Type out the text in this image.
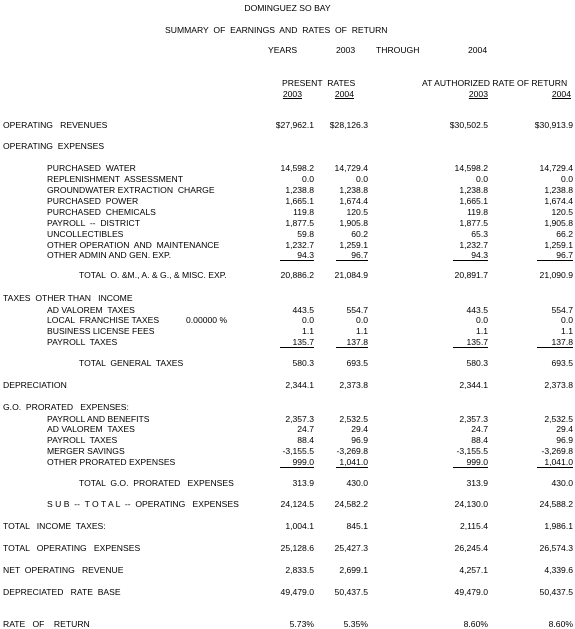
DOMINGUEZ SO BAY
SUMMARY  OF  EARNINGS  AND  RATES  OF  RETURN
YEARS	2003 THROUGH	2004
PRESENT  RATES
2003	2004
AT AUTHORIZED RATE OF RETURN
2003	2004
OPERATING   REVENUES	$27,962.1	$28,126.3	$30,502.5	$30,913.9
OPERATING  EXPENSES
PURCHASED  WATER	14,598.2	14,729.4	14,598.2	14,729.4
REPLENISHMENT  ASSESSMENT	0.0	0.0	0.0	0.0
GROUNDWATER EXTRACTION  CHARGE	1,238.8	1,238.8	1,238.8	1,238.8
PURCHASED  POWER	1,665.1	1,674.4	1,665.1	1,674.4
PURCHASED  CHEMICALS	119.8	120.5	119.8	120.5
PAYROLL  --  DISTRICT	1,877.5	1,905.8	1,877.5	1,905.8
UNCOLLECTIBLES	59.8	60.2	65.3	66.2
OTHER OPERATION  AND  MAINTENANCE	1,232.7	1,259.1	1,232.7	1,259.1
OTHER ADMIN AND GEN. EXP.	94.3	96.7	94.3	96.7
TOTAL  O. &M., A. & G., & MISC. EXP.	20,886.2	21,084.9	20,891.7	21,090.9
TAXES  OTHER THAN   INCOME
AD VALOREM  TAXES	443.5	554.7	443.5	554.7
LOCAL  FRANCHISE TAXES	0.00000 %	0.0	0.0	0.0	0.0
BUSINESS LICENSE FEES	1.1	1.1	1.1	1.1
PAYROLL  TAXES	135.7	137.8	135.7	137.8
TOTAL  GENERAL  TAXES	580.3	693.5	580.3	693.5
DEPRECIATION	2,344.1	2,373.8	2,344.1	2,373.8
G.O.  PRORATED   EXPENSES:
PAYROLL AND BENEFITS	2,357.3	2,532.5	2,357.3	2,532.5
AD VALOREM  TAXES	24.7	29.4	24.7	29.4
PAYROLL  TAXES	88.4	96.9	88.4	96.9
MERGER SAVINGS	-3,155.5	-3,269.8	-3,155.5	-3,269.8
OTHER PRORATED EXPENSES	999.0	1,041.0	999.0	1,041.0
TOTAL  G.O.  PRORATED   EXPENSES	313.9	430.0	313.9	430.0
S U B  --  T O T A L  --  OPERATING   EXPENSES	24,124.5	24,582.2	24,130.0	24,588.2
TOTAL   INCOME  TAXES:	1,004.1	845.1	2,115.4	1,986.1
TOTAL   OPERATING   EXPENSES	25,128.6	25,427.3	26,245.4	26,574.3
NET  OPERATING   REVENUE	2,833.5	2,699.1	4,257.1	4,339.6
DEPRECIATED   RATE  BASE	49,479.0	50,437.5	49,479.0	50,437.5
RATE   OF    RETURN	5.73%	5.35%	8.60%	8.60%
